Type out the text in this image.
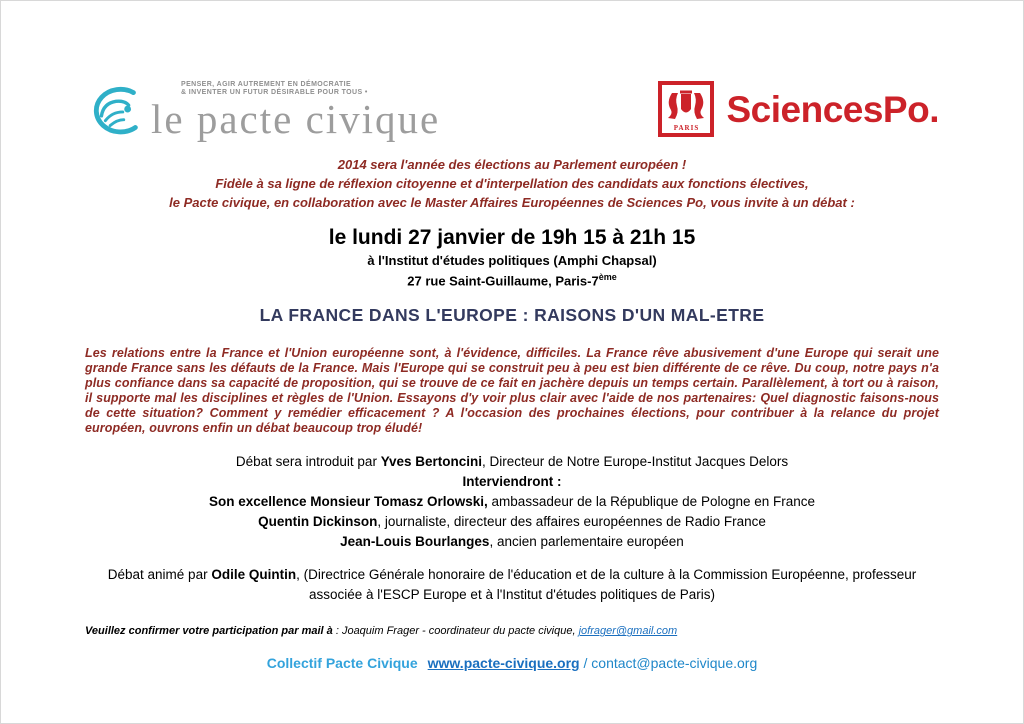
PENSER, AGIR AUTREMENT EN DÉMOCRATIE
& INVENTER UN FUTUR DÉSIRABLE POUR TOUS •
le pacte civique	PARIS SciencesPo.
2014 sera l'année des élections au Parlement européen !
Fidèle à sa ligne de réflexion citoyenne et d'interpellation des candidats aux fonctions électives,
le Pacte civique, en collaboration avec le Master Affaires Européennes de Sciences Po, vous invite à un débat :
le lundi 27 janvier de 19h 15 à 21h 15
à l'Institut d'études politiques (Amphi Chapsal)
27 rue Saint-Guillaume, Paris-7ème
LA FRANCE DANS L'EUROPE : RAISONS D'UN MAL-ETRE
Les relations entre la France et l'Union européenne sont, à l'évidence, difficiles. La France rêve abusivement d'une Europe qui serait une grande France sans les défauts de la France. Mais l'Europe qui se construit peu à peu est bien différente de ce rêve. Du coup, notre pays n'a plus confiance dans sa capacité de proposition, qui se trouve de ce fait en jachère depuis un temps certain. Parallèlement, à tort ou à raison, il supporte mal les disciplines et règles de l'Union. Essayons d'y voir plus clair avec l'aide de nos partenaires: Quel diagnostic faisons-nous de cette situation? Comment y remédier efficacement ? A l'occasion des prochaines élections, pour contribuer à la relance du projet européen, ouvrons enfin un débat beaucoup trop éludé!
Débat sera introduit par Yves Bertoncini, Directeur de Notre Europe-Institut Jacques Delors
Interviendront :
Son excellence Monsieur Tomasz Orlowski, ambassadeur de la République de Pologne en France
Quentin Dickinson, journaliste, directeur des affaires européennes de Radio France
Jean-Louis Bourlanges, ancien parlementaire européen
Débat animé par Odile Quintin, (Directrice Générale honoraire de l'éducation et de la culture à la Commission Européenne, professeur associée à l'ESCP Europe et à l'Institut d'études politiques de Paris)
Veuillez confirmer votre participation par mail à : Joaquim Frager - coordinateur du pacte civique, jofrager@gmail.com
Collectif Pacte Civique www.pacte-civique.org / contact@pacte-civique.org
